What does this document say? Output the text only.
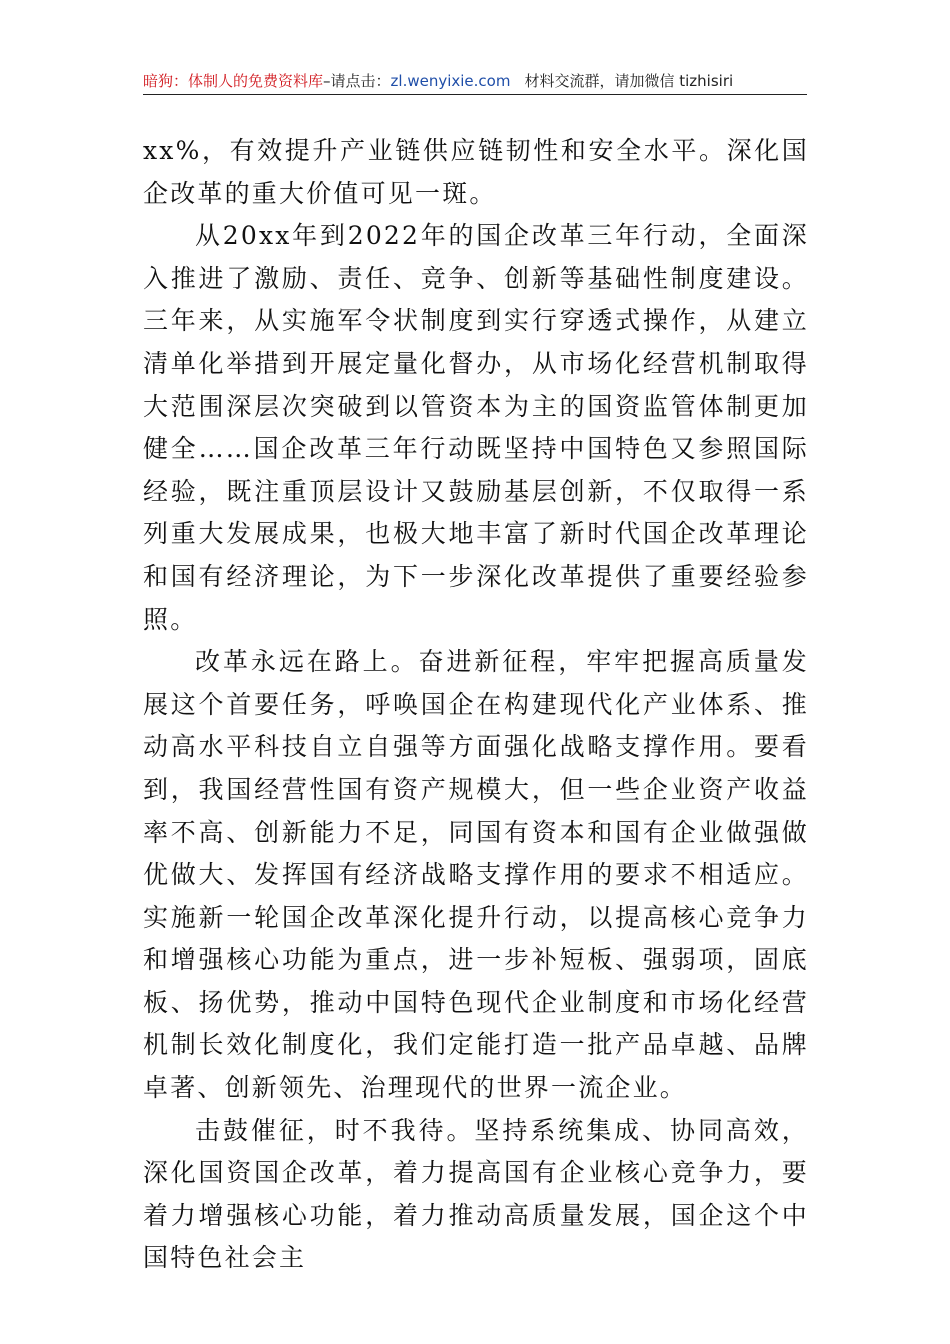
暗狗：体制人的免费资料库–请点击：zl.wenyixie.com 材料交流群，请加微信 tizhisiri

xx%，有效提升产业链供应链韧性和安全水平。深化国企改革的重大价值可见一斑。

从20xx年到2022年的国企改革三年行动，全面深入推进了激励、责任、竞争、创新等基础性制度建设。三年来，从实施军令状制度到实行穿透式操作，从建立清单化举措到开展定量化督办，从市场化经营机制取得大范围深层次突破到以管资本为主的国资监管体制更加健全……国企改革三年行动既坚持中国特色又参照国际经验，既注重顶层设计又鼓励基层创新，不仅取得一系列重大发展成果，也极大地丰富了新时代国企改革理论和国有经济理论，为下一步深化改革提供了重要经验参照。

改革永远在路上。奋进新征程，牢牢把握高质量发展这个首要任务，呼唤国企在构建现代化产业体系、推动高水平科技自立自强等方面强化战略支撑作用。要看到，我国经营性国有资产规模大，但一些企业资产收益率不高、创新能力不足，同国有资本和国有企业做强做优做大、发挥国有经济战略支撑作用的要求不相适应。实施新一轮国企改革深化提升行动，以提高核心竞争力和增强核心功能为重点，进一步补短板、强弱项，固底板、扬优势，推动中国特色现代企业制度和市场化经营机制长效化制度化，我们定能打造一批产品卓越、品牌卓著、创新领先、治理现代的世界一流企业。

击鼓催征，时不我待。坚持系统集成、协同高效，深化国资国企改革，着力提高国有企业核心竞争力，要着力增强核心功能，着力推动高质量发展，国企这个中国特色社会主
